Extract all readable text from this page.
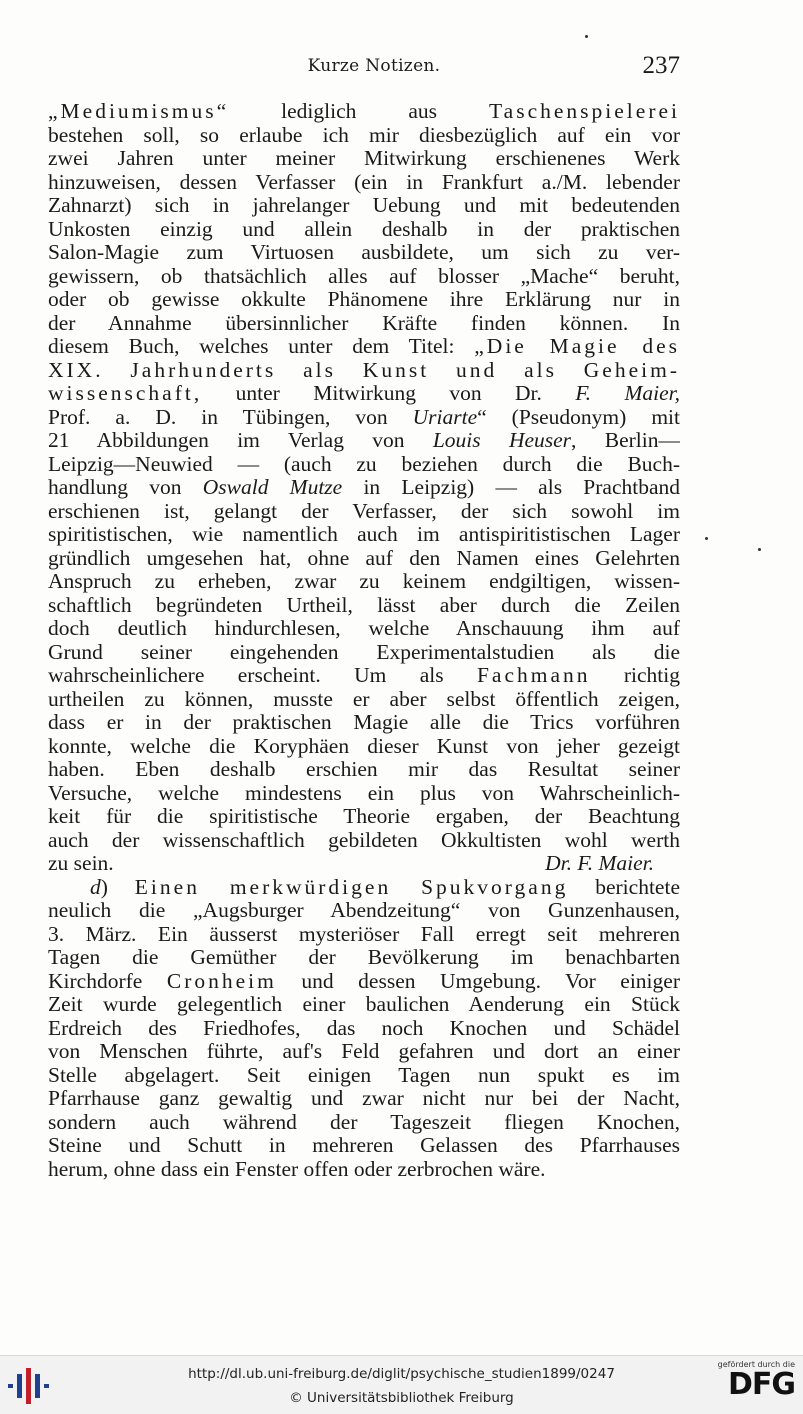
Kurze Notizen.	237
„Mediumismus“ lediglich aus Taschenspielerei
bestehen soll, so erlaube ich mir diesbezüglich auf ein vor
zwei Jahren unter meiner Mitwirkung erschienenes Werk
hinzuweisen, dessen Verfasser (ein in Frankfurt a./M. lebender
Zahnarzt) sich in jahrelanger Uebung und mit bedeutenden
Unkosten einzig und allein deshalb in der praktischen
Salon-Magie zum Virtuosen ausbildete, um sich zu ver-
gewissern, ob thatsächlich alles auf blosser „Mache“ beruht,
oder ob gewisse okkulte Phänomene ihre Erklärung nur in
der Annahme übersinnlicher Kräfte finden können. In
diesem Buch, welches unter dem Titel: „Die Magie des
XIX. Jahrhunderts als Kunst und als Geheim-
wissenschaft, unter Mitwirkung von Dr. F. Maier,
Prof. a. D. in Tübingen, von Uriarte“ (Pseudonym) mit
21 Abbildungen im Verlag von Louis Heuser, Berlin—
Leipzig—Neuwied — (auch zu beziehen durch die Buch-
handlung von Oswald Mutze in Leipzig) — als Prachtband
erschienen ist, gelangt der Verfasser, der sich sowohl im
spiritistischen, wie namentlich auch im antispiritistischen Lager
gründlich umgesehen hat, ohne auf den Namen eines Gelehrten
Anspruch zu erheben, zwar zu keinem endgiltigen, wissen-
schaftlich begründeten Urtheil, lässt aber durch die Zeilen
doch deutlich hindurchlesen, welche Anschauung ihm auf
Grund seiner eingehenden Experimentalstudien als die
wahrscheinlichere erscheint. Um als Fachmann richtig
urtheilen zu können, musste er aber selbst öffentlich zeigen,
dass er in der praktischen Magie alle die Trics vorführen
konnte, welche die Koryphäen dieser Kunst von jeher gezeigt
haben. Eben deshalb erschien mir das Resultat seiner
Versuche, welche mindestens ein plus von Wahrscheinlich-
keit für die spiritistische Theorie ergaben, der Beachtung
auch der wissenschaftlich gebildeten Okkultisten wohl werth
zu sein.	Dr. F. Maier.
d) Einen merkwürdigen Spukvorgang berichtete
neulich die „Augsburger Abendzeitung“ von Gunzenhausen,
3. März. Ein äusserst mysteriöser Fall erregt seit mehreren
Tagen die Gemüther der Bevölkerung im benachbarten
Kirchdorfe Cronheim und dessen Umgebung. Vor einiger
Zeit wurde gelegentlich einer baulichen Aenderung ein Stück
Erdreich des Friedhofes, das noch Knochen und Schädel
von Menschen führte, auf's Feld gefahren und dort an einer
Stelle abgelagert. Seit einigen Tagen nun spukt es im
Pfarrhause ganz gewaltig und zwar nicht nur bei der Nacht,
sondern auch während der Tageszeit fliegen Knochen,
Steine und Schutt in mehreren Gelassen des Pfarrhauses
herum, ohne dass ein Fenster offen oder zerbrochen wäre.
http://dl.ub.uni-freiburg.de/diglit/psychische_studien1899/0247
© Universitätsbibliothek Freiburg
gefördert durch die
DFG
